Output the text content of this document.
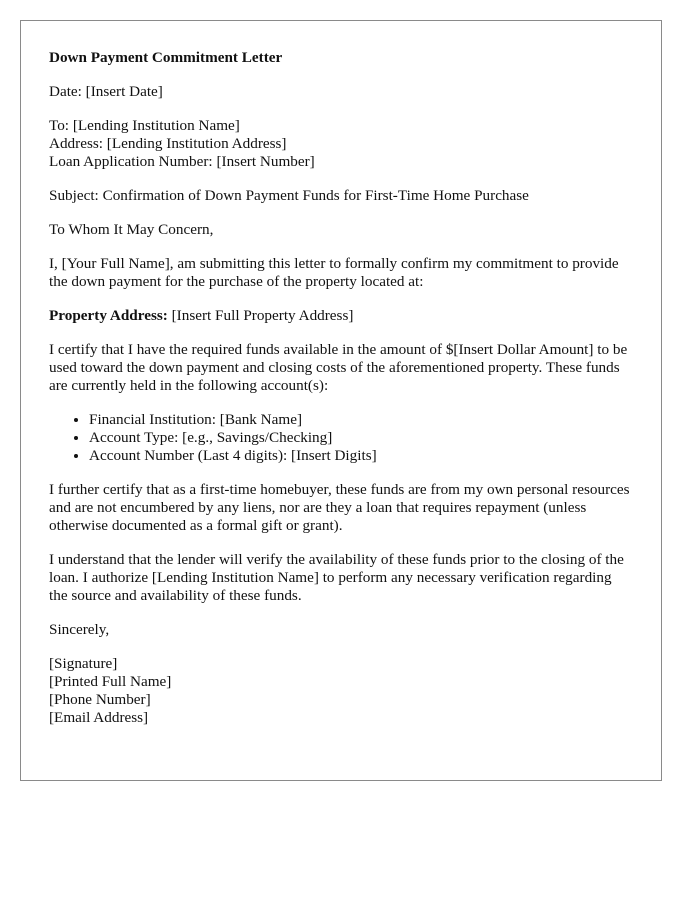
Down Payment Commitment Letter

Date: [Insert Date]

To: [Lending Institution Name]

Address: [Lending Institution Address]

Loan Application Number: [Insert Number]

Subject: Confirmation of Down Payment Funds for First-Time Home Purchase

To Whom It May Concern,

I, [Your Full Name], am submitting this letter to formally confirm my commitment to provide the down payment for the purchase of the property located at:

Property Address: [Insert Full Property Address]

I certify that I have the required funds available in the amount of $[Insert Dollar Amount] to be used toward the down payment and closing costs of the aforementioned property. These funds are currently held in the following account(s):

• Financial Institution: [Bank Name]
• Account Type: [e.g., Savings/Checking]
• Account Number (Last 4 digits): [Insert Digits]

I further certify that as a first-time homebuyer, these funds are from my own personal resources and are not encumbered by any liens, nor are they a loan that requires repayment (unless otherwise documented as a formal gift or grant).

I understand that the lender will verify the availability of these funds prior to the closing of the loan. I authorize [Lending Institution Name] to perform any necessary verification regarding the source and availability of these funds.

Sincerely,

[Signature]

[Printed Full Name]

[Phone Number]

[Email Address]
